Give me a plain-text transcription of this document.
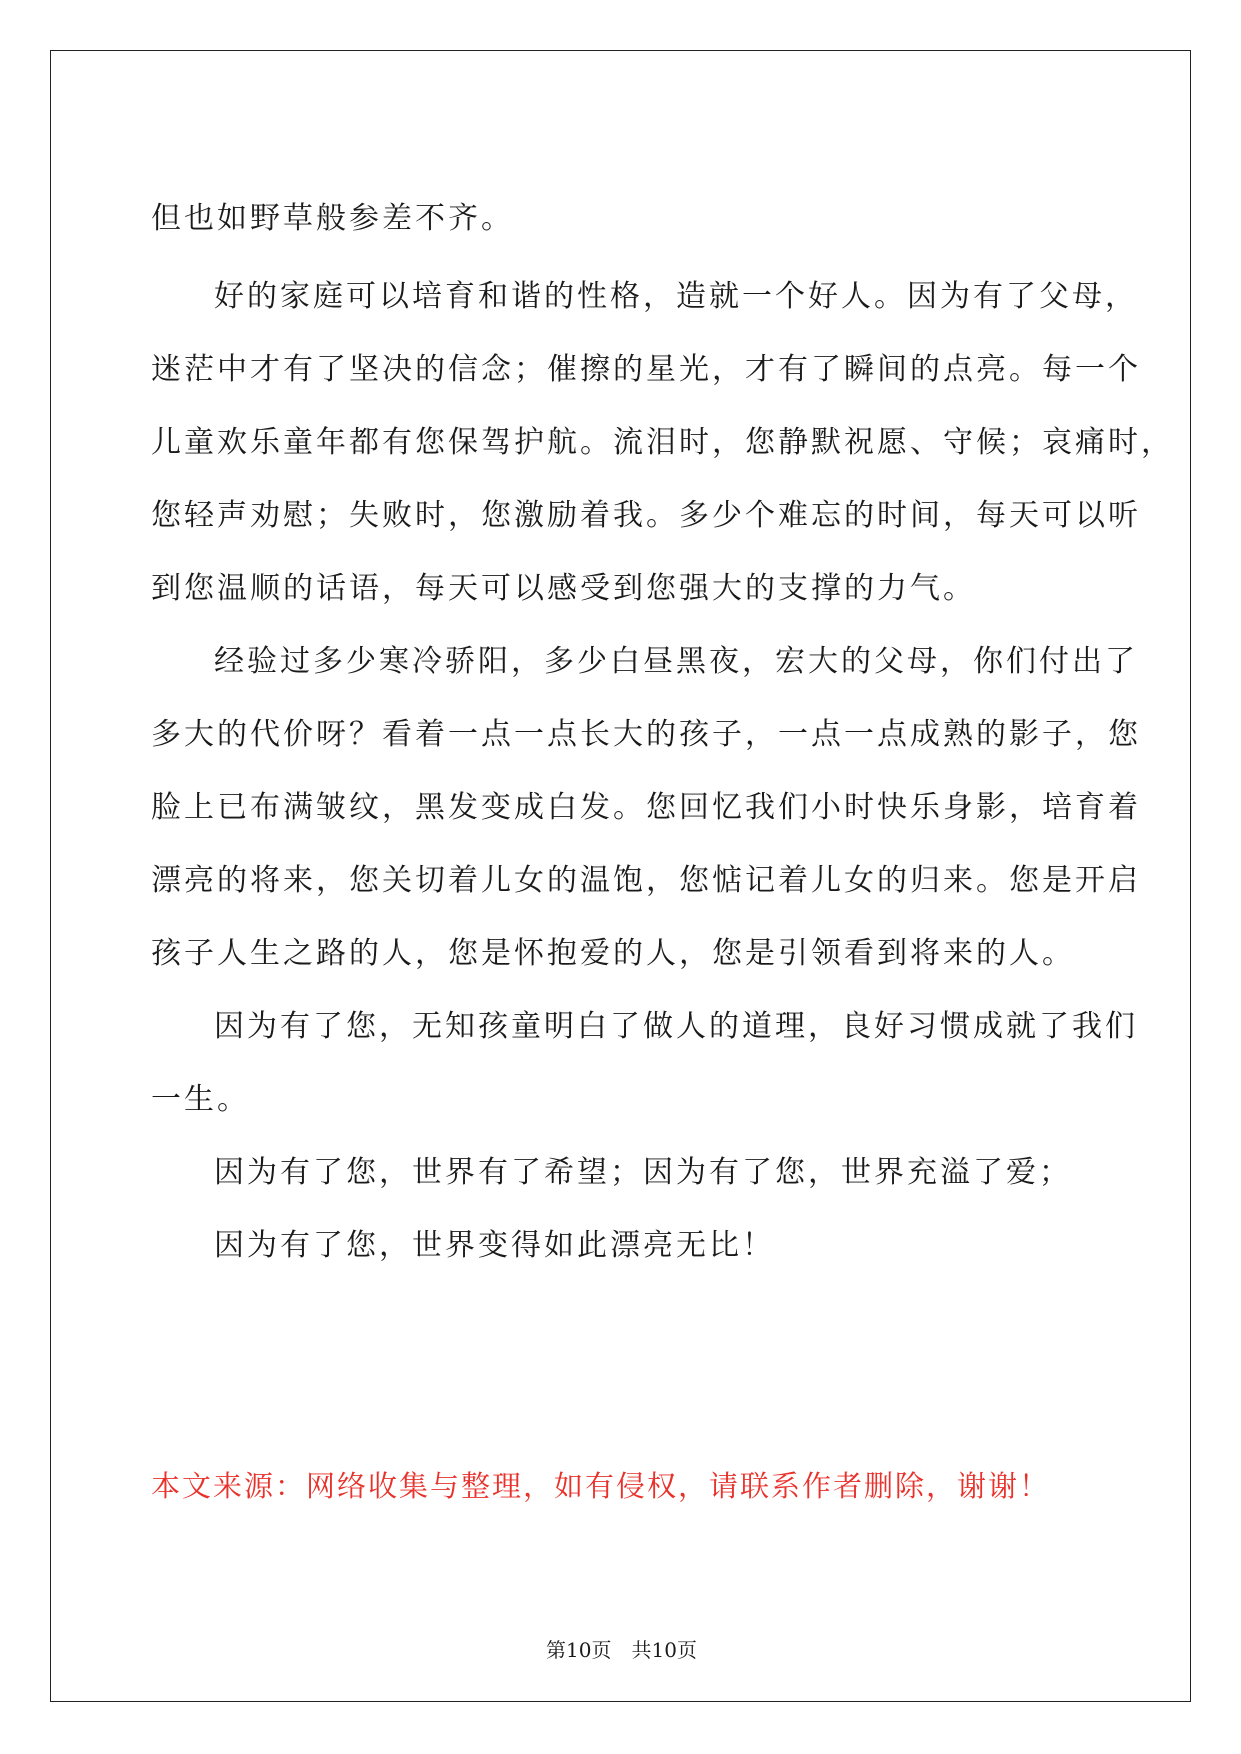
但也如野草般参差不齐。
好的家庭可以培育和谐的性格，造就一个好人。因为有了父母，
迷茫中才有了坚决的信念；催擦的星光，才有了瞬间的点亮。每一个
儿童欢乐童年都有您保驾护航。流泪时，您静默祝愿、守候；哀痛时，
您轻声劝慰；失败时，您激励着我。多少个难忘的时间，每天可以听
到您温顺的话语，每天可以感受到您强大的支撑的力气。
经验过多少寒冷骄阳，多少白昼黑夜，宏大的父母，你们付出了
多大的代价呀？看着一点一点长大的孩子，一点一点成熟的影子，您
脸上已布满皱纹，黑发变成白发。您回忆我们小时快乐身影，培育着
漂亮的将来，您关切着儿女的温饱，您惦记着儿女的归来。您是开启
孩子人生之路的人，您是怀抱爱的人，您是引领看到将来的人。
因为有了您，无知孩童明白了做人的道理，良好习惯成就了我们
一生。
因为有了您，世界有了希望；因为有了您，世界充溢了爱；
因为有了您，世界变得如此漂亮无比！
本文来源：网络收集与整理，如有侵权，请联系作者删除，谢谢！
第10页　共10页
